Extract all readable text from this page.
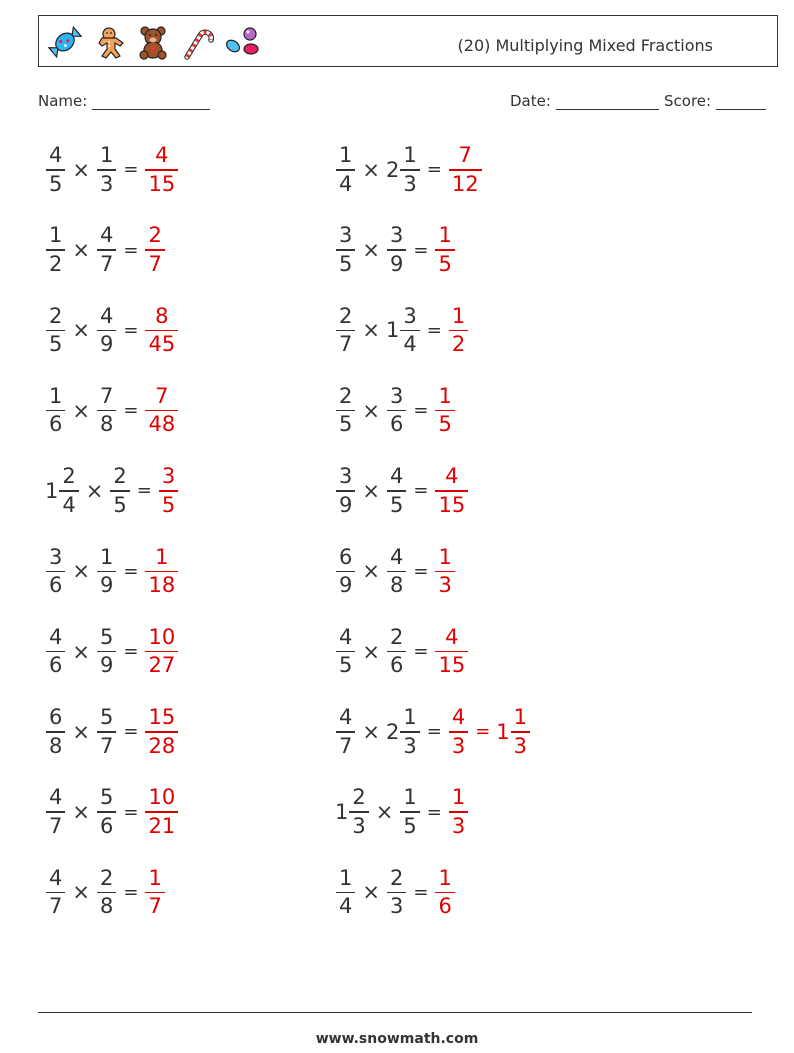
(20) Multiplying Mixed Fractions
Name:	Date:	Score:
$\frac{4}{5} \times \frac{1}{3} = \frac{4}{15}$	$\frac{1}{4} \times 2 \frac{1}{3} = \frac{7}{12}$
$\frac{1}{2} \times \frac{4}{7} = \frac{2}{7}$	$\frac{3}{5} \times \frac{3}{9} = \frac{1}{5}$
$\frac{2}{5} \times \frac{4}{9} = \frac{8}{45}$	$\frac{2}{7} \times 1 \frac{3}{4} = \frac{1}{2}$
$\frac{1}{6} \times \frac{7}{8} = \frac{7}{48}$	$\frac{2}{5} \times \frac{3}{6} = \frac{1}{5}$
$1 \frac{2}{4} \times \frac{2}{5} = \frac{3}{5}$	$\frac{3}{9} \times \frac{4}{5} = \frac{4}{15}$
$\frac{3}{6} \times \frac{1}{9} = \frac{1}{18}$	$\frac{6}{9} \times \frac{4}{8} = \frac{1}{3}$
$\frac{4}{6} \times \frac{5}{9} = \frac{10}{27}$	$\frac{4}{5} \times \frac{2}{6} = \frac{4}{15}$
$\frac{6}{8} \times \frac{5}{7} = \frac{15}{28}$	$\frac{4}{7} \times 2 \frac{1}{3} = \frac{4}{3} = 1 \frac{1}{3}$
$\frac{4}{7} \times \frac{5}{6} = \frac{10}{21}$	$1 \frac{2}{3} \times \frac{1}{5} = \frac{1}{3}$
$\frac{4}{7} \times \frac{2}{8} = \frac{1}{7}$	$\frac{1}{4} \times \frac{2}{3} = \frac{1}{6}$
www.snowmath.com
